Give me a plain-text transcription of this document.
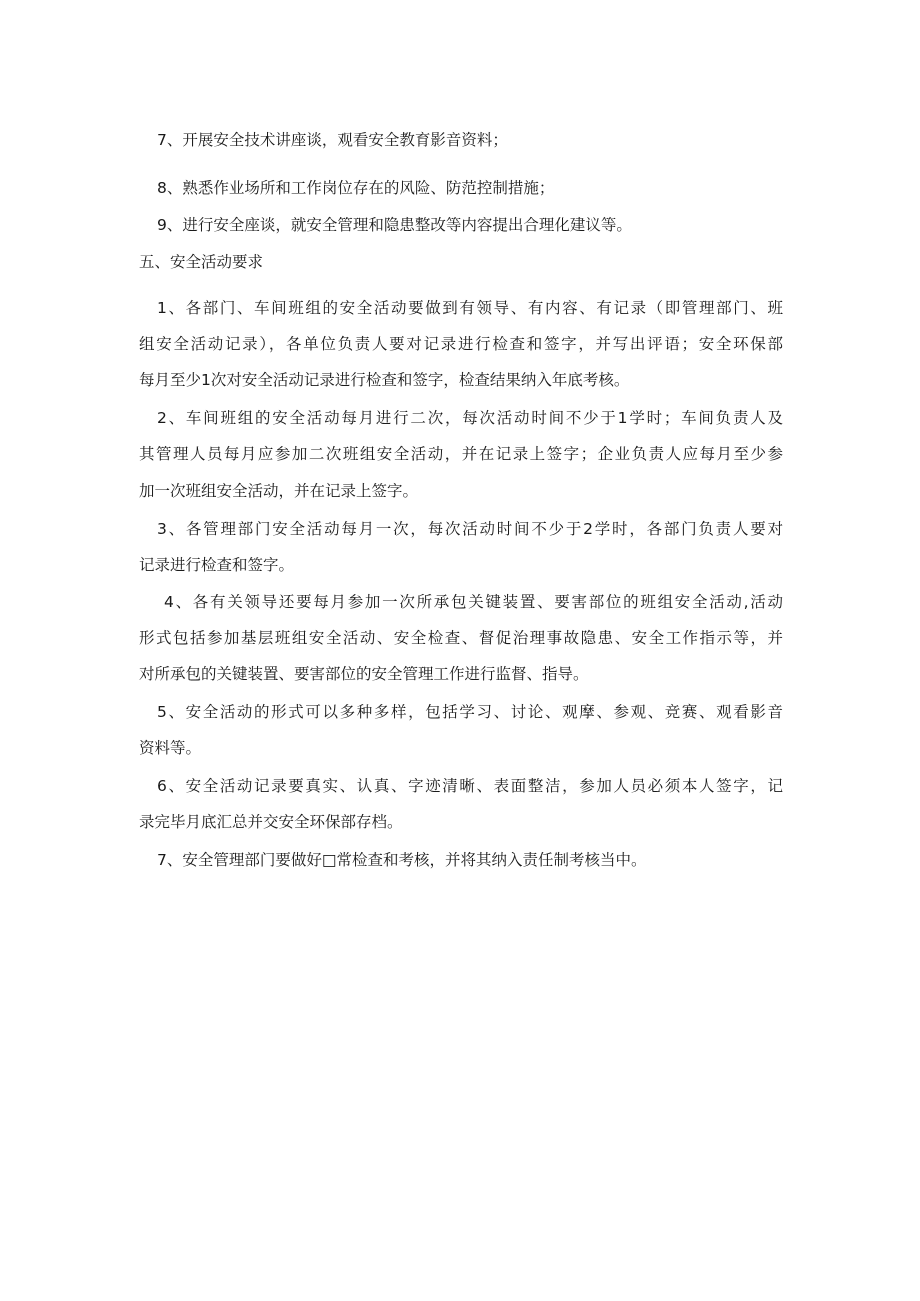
7、开展安全技术讲座谈，观看安全教育影音资料；
8、熟悉作业场所和工作岗位存在的风险、防范控制措施；
9、进行安全座谈，就安全管理和隐患整改等内容提出合理化建议等。
五、安全活动要求
1、各部门、车间班组的安全活动要做到有领导、有内容、有记录（即管理部门、班
组安全活动记录），各单位负责人要对记录进行检查和签字，并写出评语；安全环保部
每月至少1次对安全活动记录进行检查和签字，检查结果纳入年底考核。
2、车间班组的安全活动每月进行二次，每次活动时间不少于1学时；车间负责人及
其管理人员每月应参加二次班组安全活动，并在记录上签字；企业负责人应每月至少参
加一次班组安全活动，并在记录上签字。
3、各管理部门安全活动每月一次，每次活动时间不少于2学时，各部门负责人要对
记录进行检查和签字。
4、各有关领导还要每月参加一次所承包关键装置、要害部位的班组安全活动,活动
形式包括参加基层班组安全活动、安全检查、督促治理事故隐患、安全工作指示等，并
对所承包的关键装置、要害部位的安全管理工作进行监督、指导。
5、安全活动的形式可以多种多样，包括学习、讨论、观摩、参观、竞赛、观看影音
资料等。
6、安全活动记录要真实、认真、字迹清晰、表面整洁，参加人员必须本人签字，记
录完毕月底汇总并交安全环保部存档。
7、安全管理部门要做好□常检查和考核，并将其纳入责任制考核当中。
